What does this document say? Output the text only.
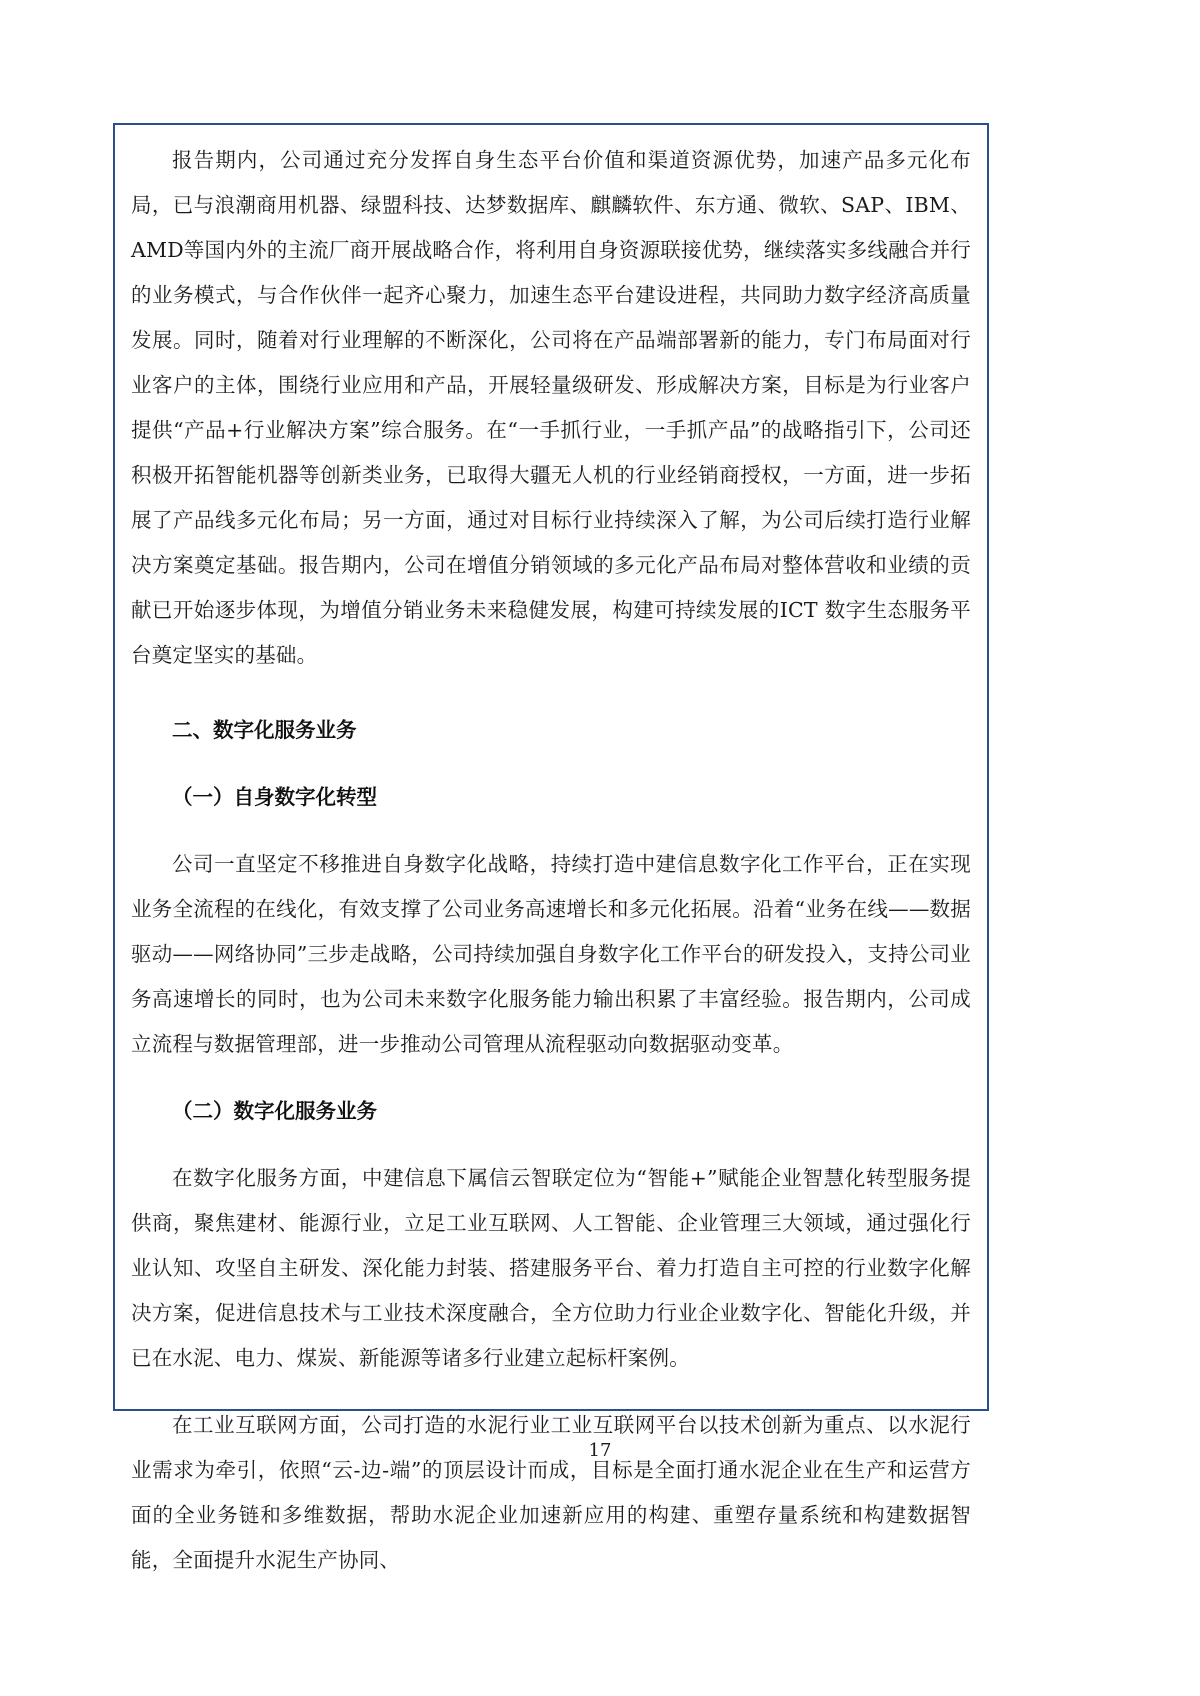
报告期内，公司通过充分发挥自身生态平台价值和渠道资源优势，加速产品多元化布局，已与浪潮商用机器、绿盟科技、达梦数据库、麒麟软件、东方通、微软、SAP、IBM、AMD等国内外的主流厂商开展战略合作，将利用自身资源联接优势，继续落实多线融合并行的业务模式，与合作伙伴一起齐心聚力，加速生态平台建设进程，共同助力数字经济高质量发展。同时，随着对行业理解的不断深化，公司将在产品端部署新的能力，专门布局面对行业客户的主体，围绕行业应用和产品，开展轻量级研发、形成解决方案，目标是为行业客户提供“产品+行业解决方案”综合服务。在“一手抓行业，一手抓产品”的战略指引下，公司还积极开拓智能机器等创新类业务，已取得大疆无人机的行业经销商授权，一方面，进一步拓展了产品线多元化布局；另一方面，通过对目标行业持续深入了解，为公司后续打造行业解决方案奠定基础。报告期内，公司在增值分销领域的多元化产品布局对整体营收和业绩的贡献已开始逐步体现，为增值分销业务未来稳健发展，构建可持续发展的ICT 数字生态服务平台奠定坚实的基础。

二、数字化服务业务
（一）自身数字化转型

公司一直坚定不移推进自身数字化战略，持续打造中建信息数字化工作平台，正在实现业务全流程的在线化，有效支撑了公司业务高速增长和多元化拓展。沿着“业务在线——数据驱动——网络协同”三步走战略，公司持续加强自身数字化工作平台的研发投入，支持公司业务高速增长的同时，也为公司未来数字化服务能力输出积累了丰富经验。报告期内，公司成立流程与数据管理部，进一步推动公司管理从流程驱动向数据驱动变革。

（二）数字化服务业务

在数字化服务方面，中建信息下属信云智联定位为“智能+”赋能企业智慧化转型服务提供商，聚焦建材、能源行业，立足工业互联网、人工智能、企业管理三大领域，通过强化行业认知、攻坚自主研发、深化能力封装、搭建服务平台、着力打造自主可控的行业数字化解决方案，促进信息技术与工业技术深度融合，全方位助力行业企业数字化、智能化升级，并已在水泥、电力、煤炭、新能源等诸多行业建立起标杆案例。

在工业互联网方面，公司打造的水泥行业工业互联网平台以技术创新为重点、以水泥行业需求为牵引，依照“云-边-端”的顶层设计而成，目标是全面打通水泥企业在生产和运营方面的全业务链和多维数据，帮助水泥企业加速新应用的构建、重塑存量系统和构建数据智能，全面提升水泥生产协同、

17
